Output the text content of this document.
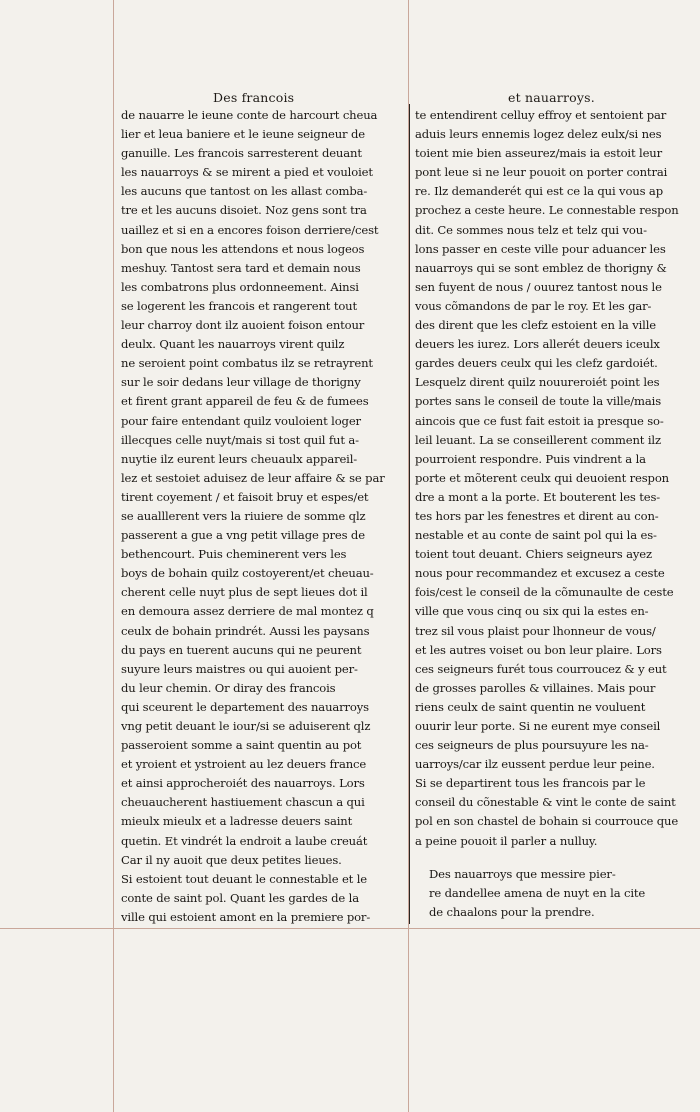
Des francois	et nauarroys.
de nauarre le ieune conte de harcourt cheua
lier et leua baniere et le ieune seigneur de
ganuille. Les francois sarresterent deuant
les nauarroys & se mirent a pied et vouloiet
les aucuns que tantost on les allast comba-
tre et les aucuns disoiet. Noz gens sont tra
uaillez et si en a encores foison derriere/cest
bon que nous les attendons et nous logeos
meshuy. Tantost sera tard et demain nous
les combatrons plus ordonneement. Ainsi
se logerent les francois et rangerent tout
leur charroy dont ilz auoient foison entour
deulx. Quant les nauarroys virent quilz
ne seroient point combatus ilz se retrayrent
sur le soir dedans leur village de thorigny
et firent grant appareil de feu & de fumees
pour faire entendant quilz vouloient loger
illecques celle nuyt/mais si tost quil fut a-
nuytie ilz eurent leurs cheuaulx appareil-
lez et sestoiet aduisez de leur affaire & se par
tirent coyement / et faisoit bruy et espes/et
se aualllerent vers la riuiere de somme qlz
passerent a gue a vng petit village pres de
bethencourt. Puis cheminerent vers les
boys de bohain quilz costoyerent/et cheuau-
cherent celle nuyt plus de sept lieues dot il
en demoura assez derriere de mal montez q
ceulx de bohain prindrét. Aussi les paysans
du pays en tuerent aucuns qui ne peurent
suyure leurs maistres ou qui auoient per-
du leur chemin. Or diray des francois
qui sceurent le departement des nauarroys
vng petit deuant le iour/si se aduiserent qlz
passeroient somme a saint quentin au pot
et yroient et ystroient au lez deuers france
et ainsi approcheroiét des nauarroys. Lors
cheuaucherent hastiuement chascun a qui
mieulx mieulx et a ladresse deuers saint
quetin. Et vindrét la endroit a laube creuát
Car il ny auoit que deux petites lieues.
Si estoient tout deuant le connestable et le
conte de saint pol. Quant les gardes de la
ville qui estoient amont en la premiere por-
te entendirent celluy effroy et sentoient par
aduis leurs ennemis logez delez eulx/si nes
toient mie bien asseurez/mais ia estoit leur
pont leue si ne leur pouoit on porter contrai
re. Ilz demanderét qui est ce la qui vous ap
prochez a ceste heure. Le connestable respon
dit. Ce sommes nous telz et telz qui vou-
lons passer en ceste ville pour aduancer les
nauarroys qui se sont emblez de thorigny &
sen fuyent de nous / ouurez tantost nous le
vous cõmandons de par le roy. Et les gar-
des dirent que les clefz estoient en la ville
deuers les iurez. Lors allerét deuers iceulx
gardes deuers ceulx qui les clefz gardoiét.
Lesquelz dirent quilz nouureroiét point les
portes sans le conseil de toute la ville/mais
aincois que ce fust fait estoit ia presque so-
leil leuant. La se conseillerent comment ilz
pourroient respondre. Puis vindrent a la
porte et mõterent ceulx qui deuoient respon
dre a mont a la porte. Et bouterent les tes-
tes hors par les fenestres et dirent au con-
nestable et au conte de saint pol qui la es-
toient tout deuant. Chiers seigneurs ayez
nous pour recommandez et excusez a ceste
fois/cest le conseil de la cõmunaulte de ceste
ville que vous cinq ou six qui la estes en-
trez sil vous plaist pour lhonneur de vous/
et les autres voiset ou bon leur plaire. Lors
ces seigneurs furét tous courroucez & y eut
de grosses parolles & villaines. Mais pour
riens ceulx de saint quentin ne vouluent
ouurir leur porte. Si ne eurent mye conseil
ces seigneurs de plus poursuyure les na-
uarroys/car ilz eussent perdue leur peine.
Si se departirent tous les francois par le
conseil du cõnestable & vint le conte de saint
pol en son chastel de bohain si courrouce que
a peine pouoit il parler a nulluy.
Des nauarroys que messire pier-
re dandellee amena de nuyt en la cite
de chaalons pour la prendre.
